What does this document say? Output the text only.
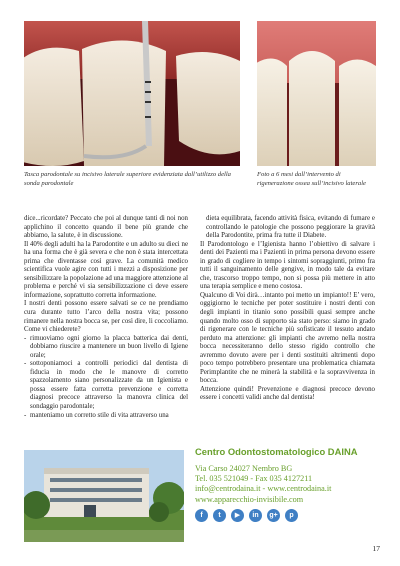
Tasca parodontale su incisivo laterale superiore evidenziata dall’utilizzo della sonda parodontale
Foto a 6 mesi dall’intervento di rigenerazione ossea sull’incisivo laterale

dice...ricordate? Peccato che poi al dunque tanti di noi non applichino il concetto quando il bene più grande che abbiamo, la salute, è in discussione.

Il 40% degli adulti ha la Parodontite e un adulto su dieci ne ha una forma che è già severa e che non è stata intercettata prima che diventasse così grave. La comunità medico scientifica vuole agire con tutti i mezzi a disposizione per sensibilizzare la popolazione ad una maggiore attenzione al problema e perché vi sia sensibilizzazione ci deve essere informazione, soprattutto corretta informazione.

I nostri denti possono essere salvati se ce ne prendiamo cura durante tutto l’arco della nostra vita; possono rimanere nella nostra bocca se, per così dire, li coccoliamo. Come vi chiederete?

- rimuoviamo ogni giorno la placca batterica dai denti, dobbiamo riuscire a mantenere un buon livello di Igiene orale;
- sottoponiamoci a controlli periodici dal dentista di fiducia in modo che le manovre di corretto spazzolamento siano personalizzate da un Igienista e possa essere fatta corretta prevenzione e corretta diagnosi precoce attraverso la manovra clinica del sondaggio parodontale;
- manteniamo un corretto stile di vita attraverso una

dieta equilibrata, facendo attività fisica, evitando di fumare e controllando le patologie che possono peggiorare la gravità della Parodontite, prima fra tutte il Diabete.

Il Parodontologo e l’Igienista hanno l’obiettivo di salvare i denti dei Pazienti ma i Pazienti in prima persona devono essere in grado di cogliere in tempo i sintomi sopraggiunti, primo fra tutti il sanguinamento delle gengive, in modo tale da evitare che, trascorso troppo tempo, non si possa più mettere in atto una terapia semplice e meno costosa.

Qualcuno di Voi dirà…intanto poi metto un impianto!! E’ vero, oggigiorno le tecniche per poter sostituire i nostri denti con degli impianti in titanio sono possibili quasi sempre anche quando molto osso di supporto sia stato perso: siamo in grado di rigenerare con le tecniche più sofisticate il tessuto andato perduto ma attenzione: gli impianti che avremo nella nostra bocca necessiteranno dello stesso rigido controllo che avremmo dovuto avere per i denti sostituiti altrimenti dopo poco tempo potrebbero presentare una problematica chiamata Perimplantite che ne minerà la stabilità e la sopravvivenza in bocca.

Attenzione quindi! Prevenzione e diagnosi precoce devono essere i concetti validi anche dal dentista!

Centro Odontostomatologico DAINA
Via Carso 24027 Nembro BG
Tel. 035 521049 - Fax 035 4127211
info@centrodaina.it - www.centrodaina.it
www.apparecchio-invisibile.com
f	t	▶	in	g+	p
17
